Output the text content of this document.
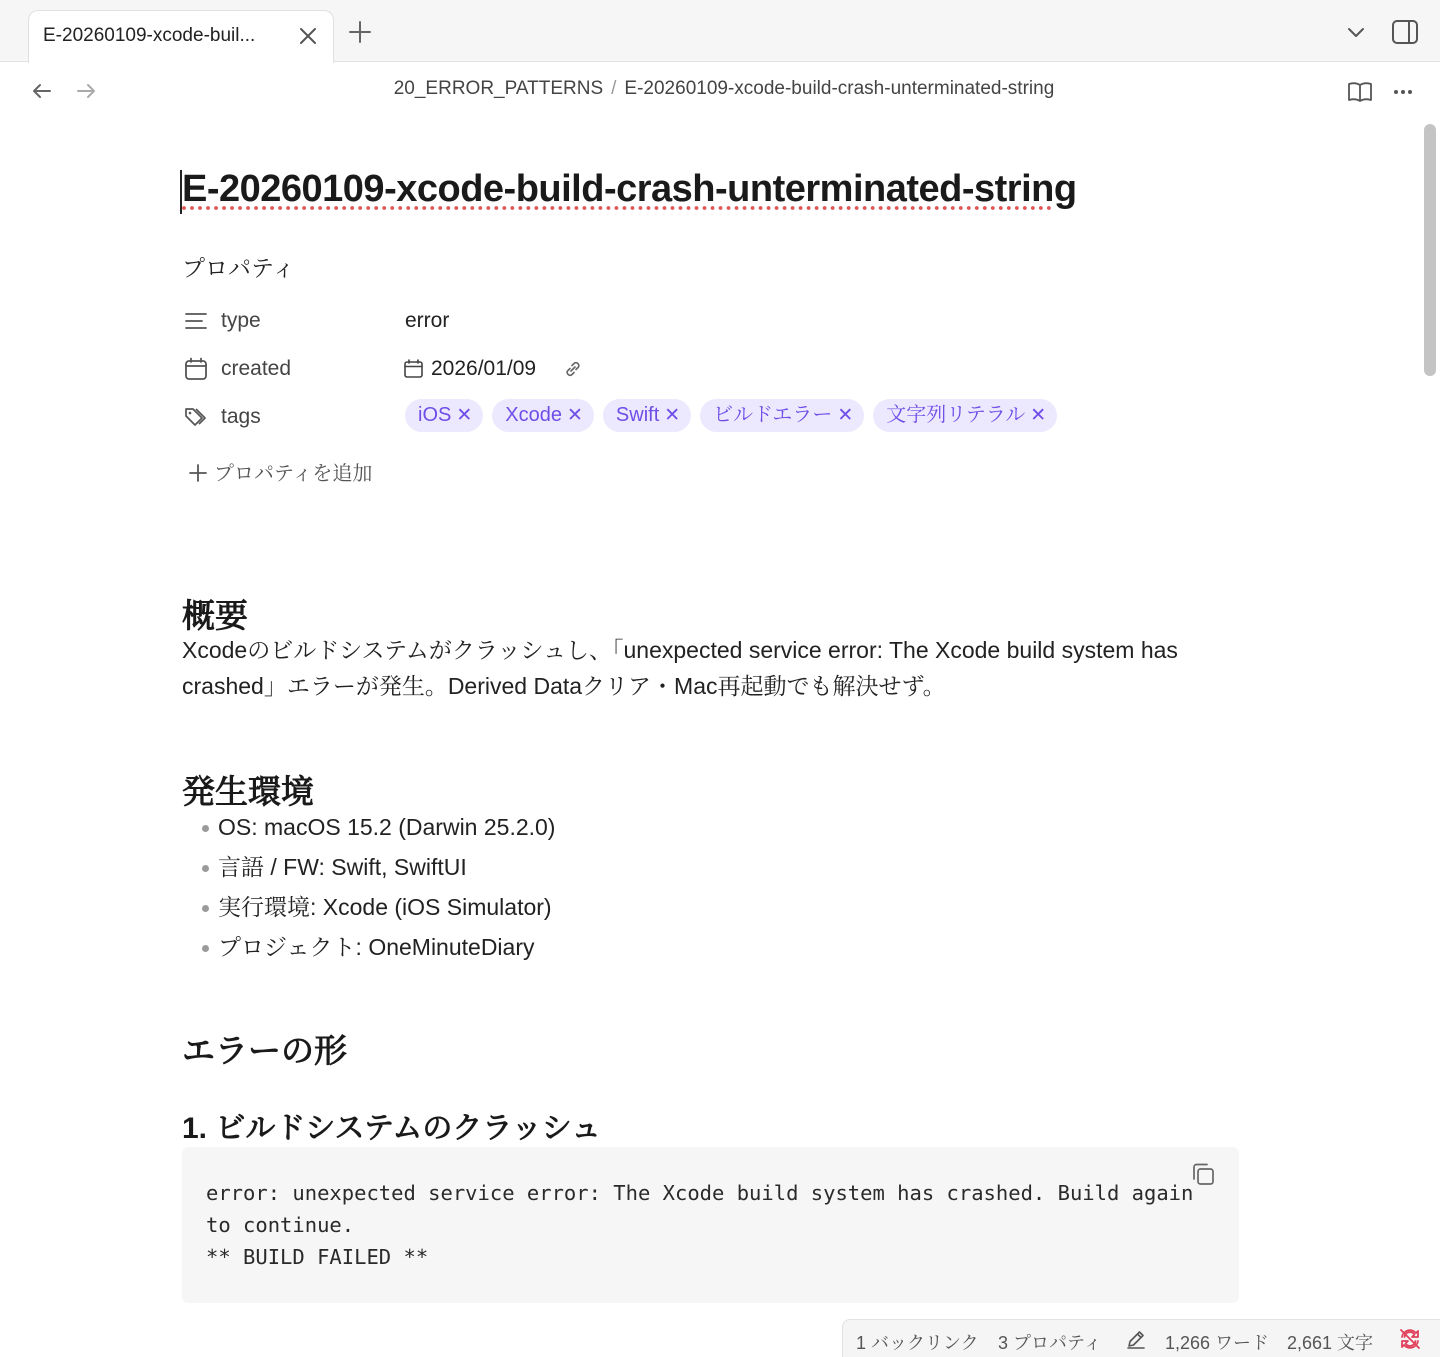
E-20260109-xcode-buil...
20_ERROR_PATTERNS / E-20260109-xcode-build-crash-unterminated-string
E-20260109-xcode-build-crash-unterminated-string
プロパティ
type	error
created	2026/01/09
tags	iOS ✕ Xcode ✕ Swift ✕ ビルドエラー ✕ 文字列リテラル ✕
プロパティを追加
概要

Xcodeのビルドシステムがクラッシュし、「unexpected service error: The Xcode build system has crashed」エラーが発生。Derived Dataクリア・Mac再起動でも解決せず。

発生環境
OS: macOS 15.2 (Darwin 25.2.0)
言語 / FW: Swift, SwiftUI
実行環境: Xcode (iOS Simulator)
プロジェクト: OneMinuteDiary
エラーの形
1. ビルドシステムのクラッシュ
error: unexpected service error: The Xcode build system has crashed. Build again
to continue.
** BUILD FAILED **
1 バックリンク 3 プロパティ	1,266 ワード 2,661 文字
